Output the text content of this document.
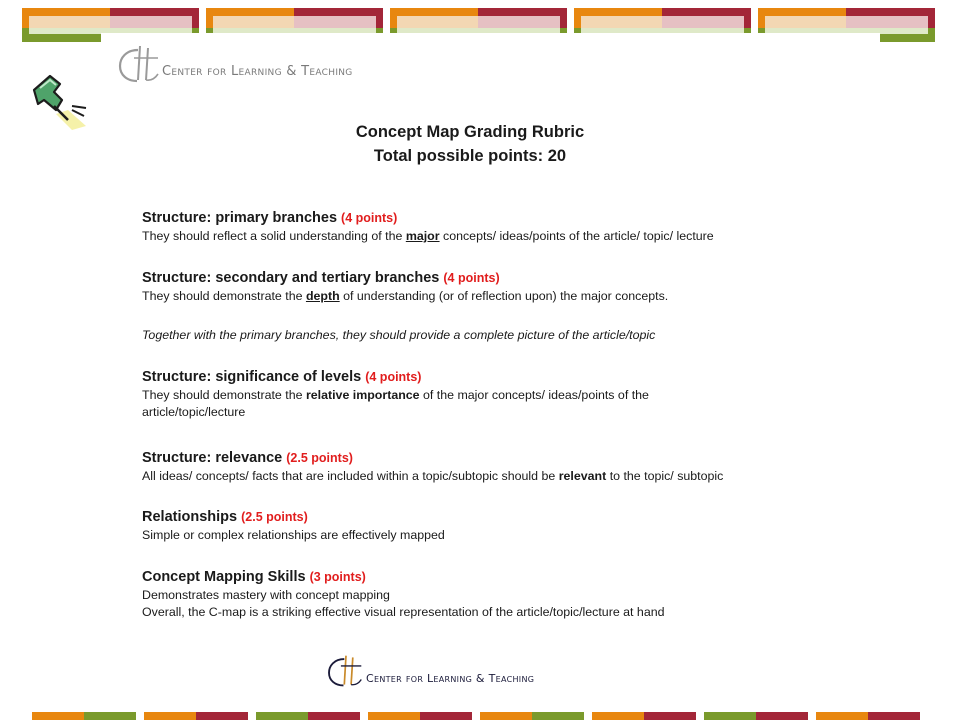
Center for Learning & Teaching
Concept Map Grading Rubric
Total possible points: 20
Structure: primary branches (4 points)
They should reflect a solid understanding of the major concepts/ ideas/points of the article/ topic/ lecture
Structure: secondary and tertiary branches (4 points)
They should demonstrate the depth of understanding (or of reflection upon) the major concepts.
Together with the primary branches, they should provide a complete picture of the article/topic
Structure: significance of levels (4 points)
They should demonstrate the relative importance of the major concepts/ ideas/points of the
article/topic/lecture
Structure: relevance (2.5 points)
All ideas/ concepts/ facts that are included within a topic/subtopic should be relevant to the topic/ subtopic
Relationships (2.5 points)
Simple or complex relationships are effectively mapped
Concept Mapping Skills (3 points)
Demonstrates mastery with concept mapping
Overall, the C-map is a striking effective visual representation of the article/topic/lecture at hand
Center for Learning & Teaching
